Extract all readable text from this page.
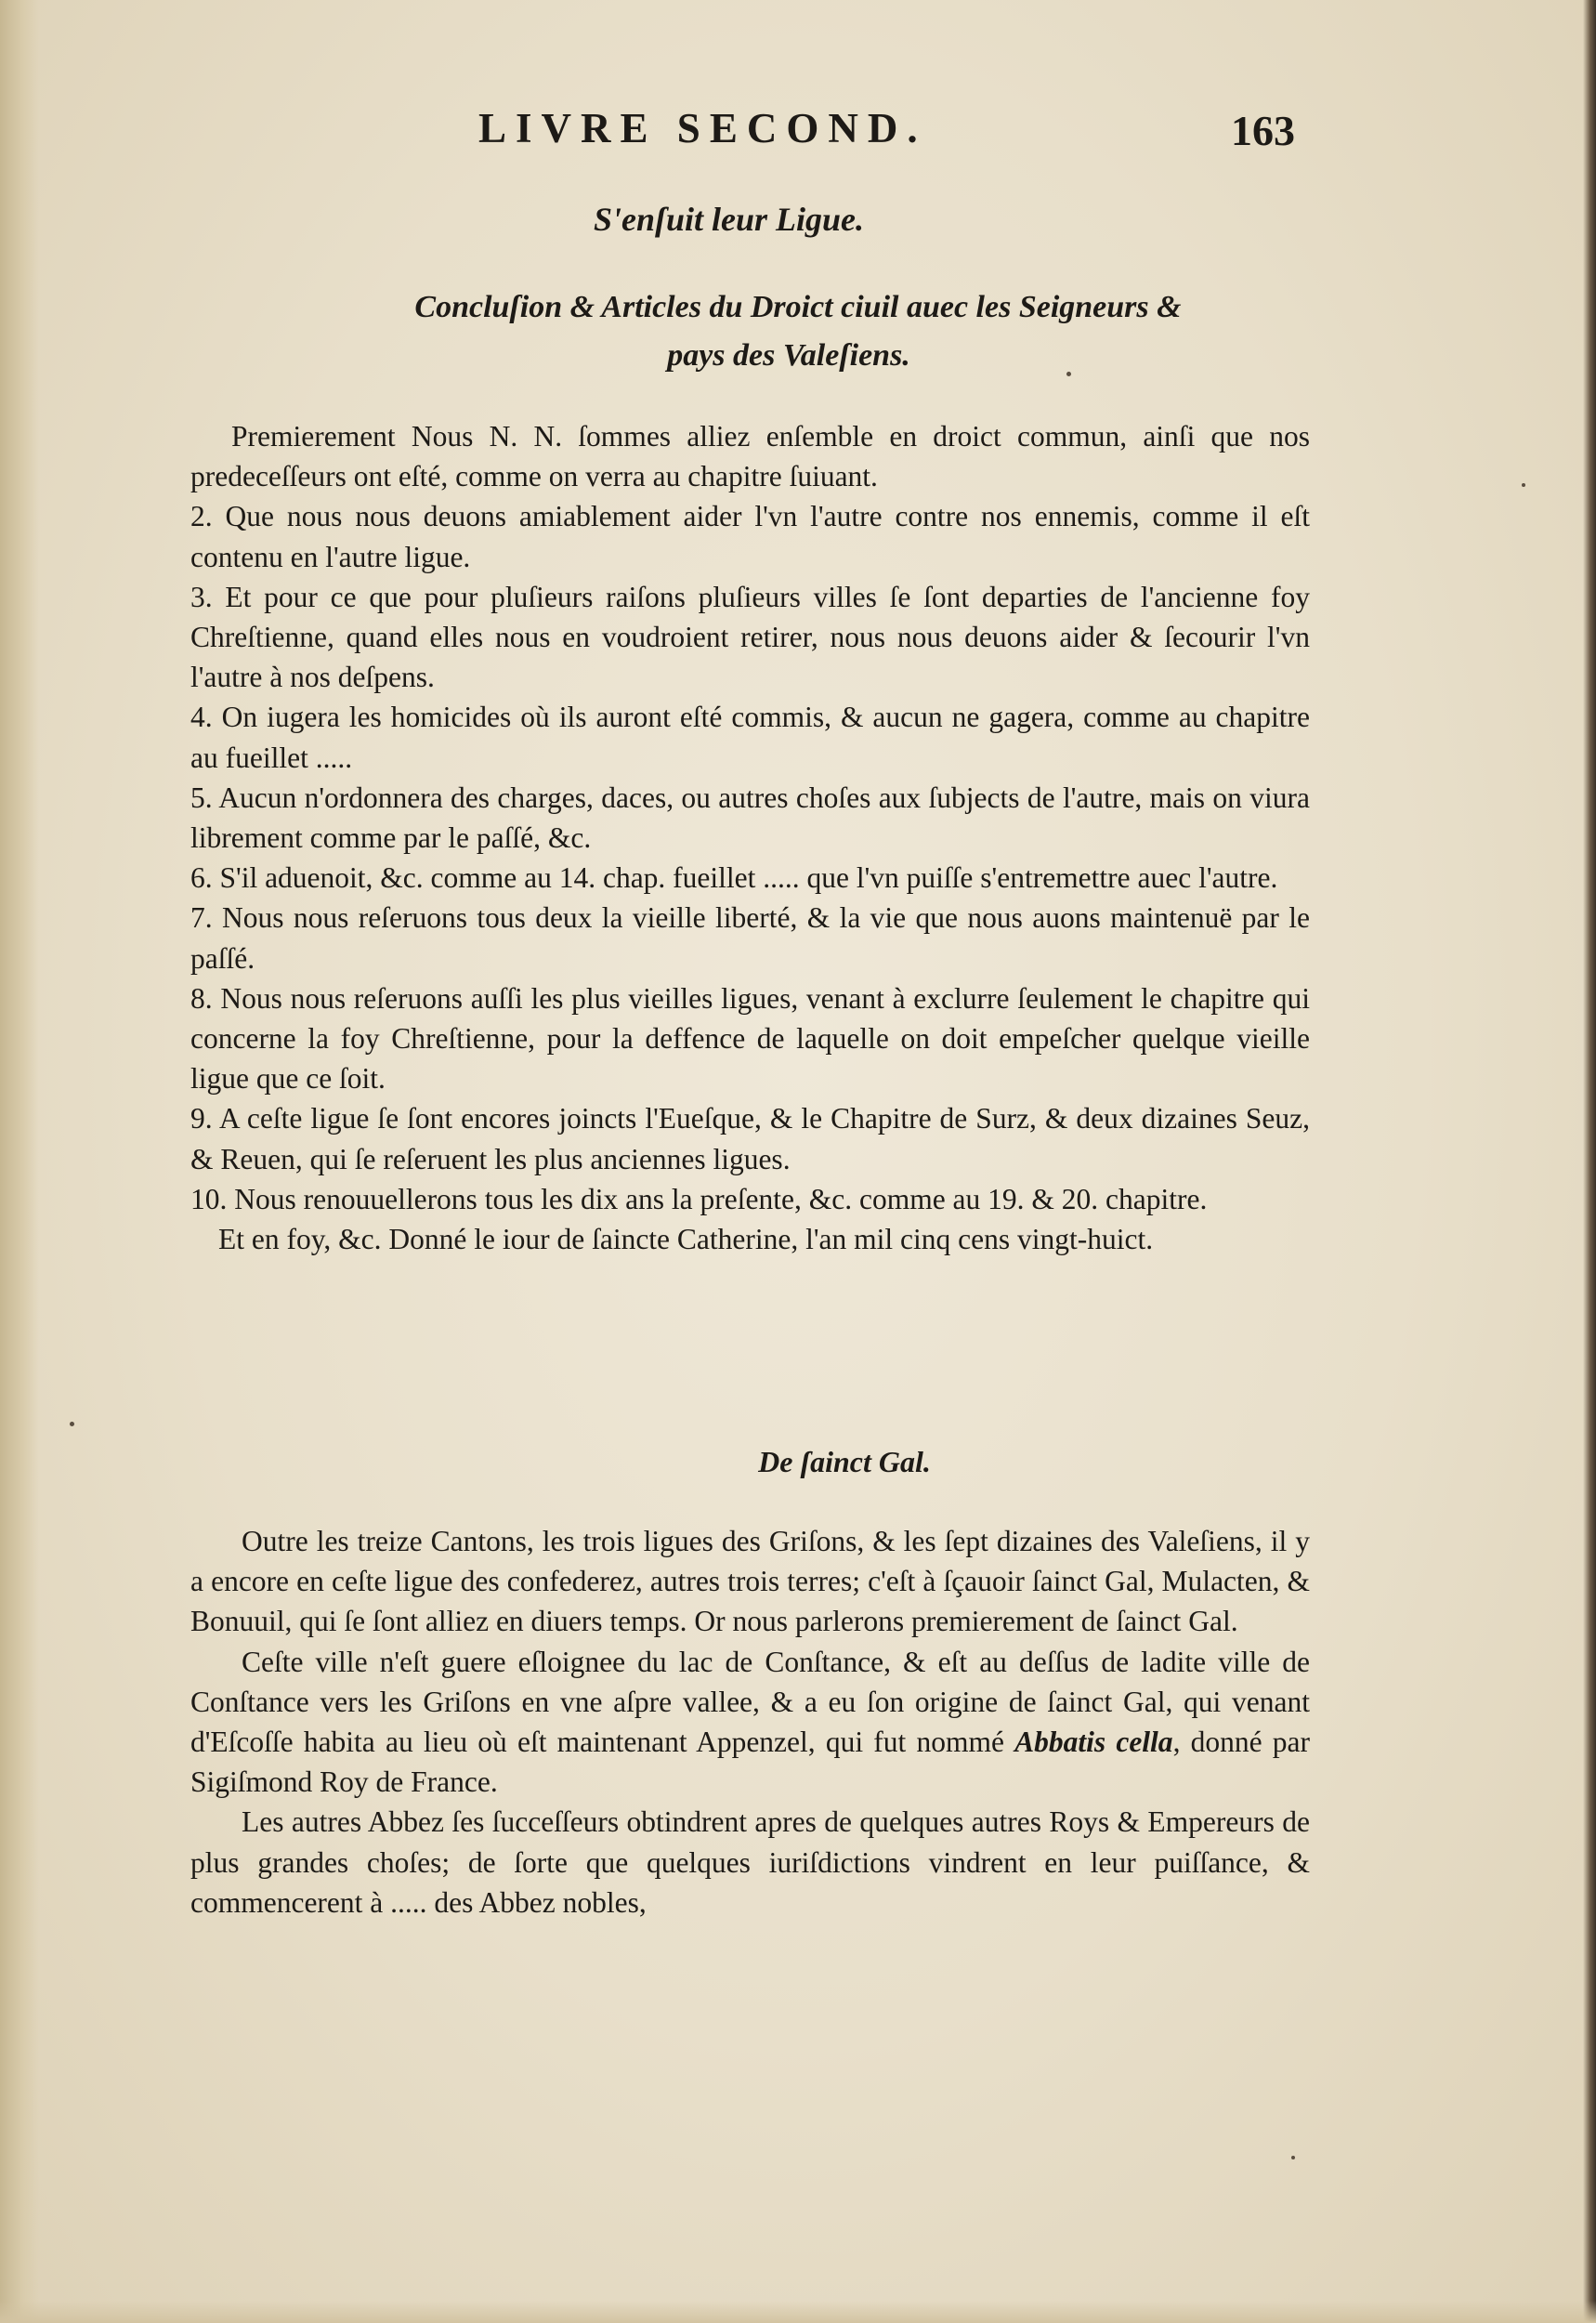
LIVRE SECOND.	163
S'enſuit leur Ligue.
Concluſion & Articles du Droict ciuil auec les Seigneurs &
pays des Valeſiens.

Premierement Nous N. N. ſommes alliez enſemble en droict commun, ainſi que nos predeceſſeurs ont eſté, comme on verra au chapitre ſuiuant.

2. Que nous nous deuons amiablement aider l'vn l'autre contre nos ennemis, comme il eſt contenu en l'autre ligue.

3. Et pour ce que pour pluſieurs raiſons pluſieurs villes ſe ſont departies de l'ancienne foy Chreſtienne, quand elles nous en voudroient retirer, nous nous deuons aider & ſecourir l'vn l'autre à nos deſpens.

4. On iugera les homicides où ils auront eſté commis, & aucun ne gagera, comme au chapitre au fueillet .....

5. Aucun n'ordonnera des charges, daces, ou autres choſes aux ſubjects de l'autre, mais on viura librement comme par le paſſé, &c.

6. S'il aduenoit, &c. comme au 14. chap. fueillet ..... que l'vn puiſſe s'entremettre auec l'autre.

7. Nous nous reſeruons tous deux la vieille liberté, & la vie que nous auons maintenuë par le paſſé.

8. Nous nous reſeruons auſſi les plus vieilles ligues, venant à exclurre ſeulement le chapitre qui concerne la foy Chreſtienne, pour la deffence de laquelle on doit empeſcher quelque vieille ligue que ce ſoit.

9. A ceſte ligue ſe ſont encores joincts l'Eueſque, & le Chapitre de Surz, & deux dizaines Seuz, & Reuen, qui ſe reſeruent les plus anciennes ligues.

10. Nous renouuellerons tous les dix ans la preſente, &c. comme au 19. & 20. chapitre.

Et en foy, &c. Donné le iour de ſaincte Catherine, l'an mil cinq cens vingt-huict.

De ſainct Gal.

Outre les treize Cantons, les trois ligues des Griſons, & les ſept dizaines des Valeſiens, il y a encore en ceſte ligue des confederez, autres trois terres; c'eſt à ſçauoir ſainct Gal, Mulacten, & Bonuuil, qui ſe ſont alliez en diuers temps. Or nous parlerons premierement de ſainct Gal.

Ceſte ville n'eſt guere eſloignee du lac de Conſtance, & eſt au deſſus de ladite ville de Conſtance vers les Griſons en vne aſpre vallee, & a eu ſon origine de ſainct Gal, qui venant d'Eſcoſſe habita au lieu où eſt maintenant Appenzel, qui fut nommé Abbatis cella, donné par Sigiſmond Roy de France.

Les autres Abbez ſes ſucceſſeurs obtindrent apres de quelques autres Roys & Empereurs de plus grandes choſes; de ſorte que quelques iuriſdictions vindrent en leur puiſſance, & commencerent à ..... des Abbez nobles,
